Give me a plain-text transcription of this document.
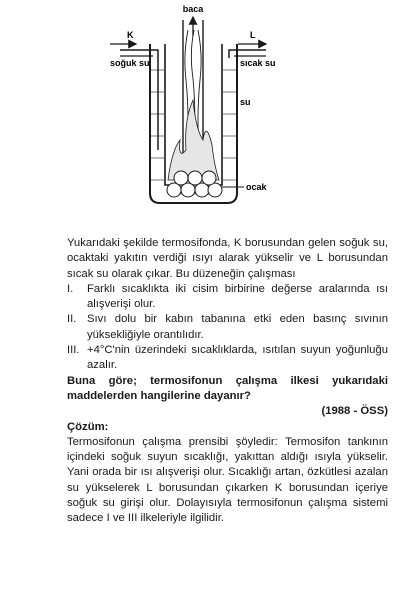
baca
K
soğuk su
L
sıcak su
su
ocak

Yukarıdaki şekilde termosifonda, K borusundan gelen soğuk su, ocaktaki yakıtın verdiği ısıyı alarak yükselir ve L borusundan sıcak su olarak çıkar. Bu düzeneğin çalışması

I.	Farklı sıcaklıkta iki cisim birbirine değerse aralarında ısı alışverişi olur.
II. Sıvı dolu bir kabın tabanına etki eden basınç sıvının yüksekliğiyle orantılıdır.
III. +4°C'nin üzerindeki sıcaklıklarda, ısıtılan suyun yoğunluğu azalır.

Buna göre; termosifonun çalışma ilkesi yukarıdaki maddelerden hangilerine dayanır?

(1988 - ÖSS)

Çözüm:

Termosifonun çalışma prensibi şöyledir: Termosifon tankının içindeki soğuk suyun sıcaklığı, yakıttan aldığı ısıyla yükselir. Yani orada bir ısı alışverişi olur. Sıcaklığı artan, özkütlesi azalan su yükselerek L borusundan çıkarken K borusundan içeriye soğuk su girişi olur. Dolayısıyla termosifonun çalışma sistemi sadece I ve III ilkeleriyle ilgilidir.
